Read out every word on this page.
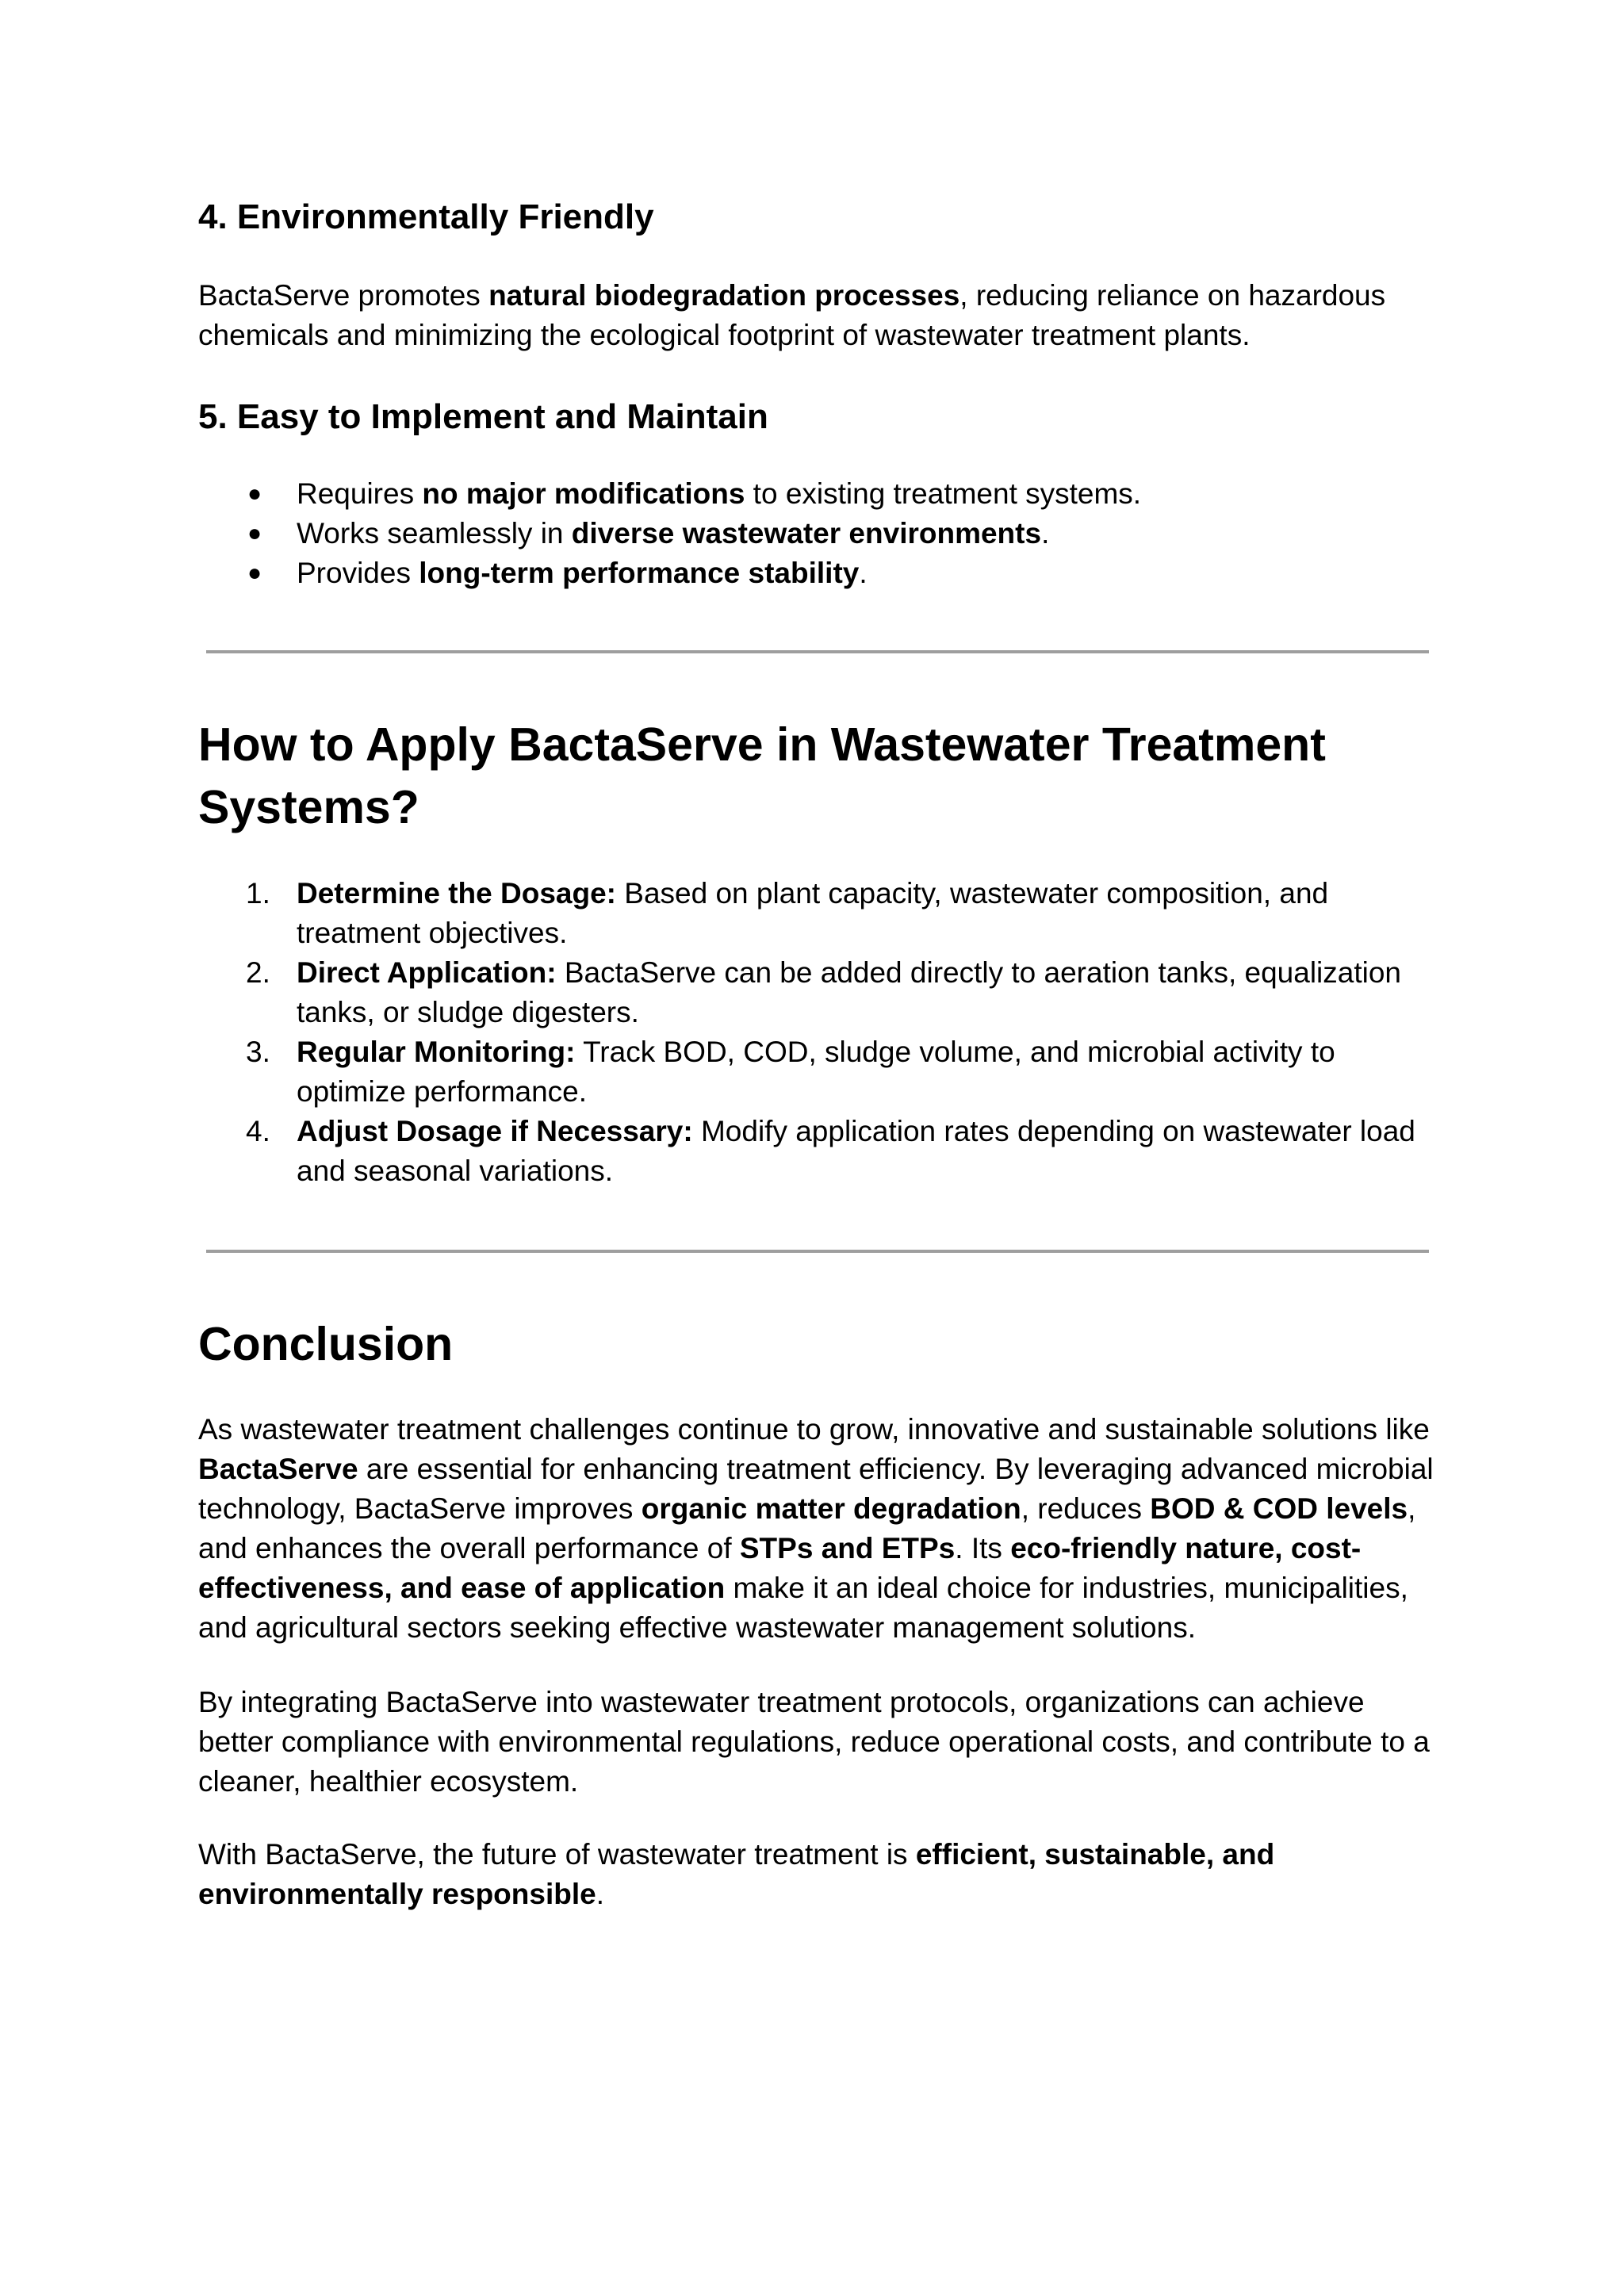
4. Environmentally Friendly

BactaServe promotes natural biodegradation processes, reducing reliance on hazardous chemicals and minimizing the ecological footprint of wastewater treatment plants.

5. Easy to Implement and Maintain
● Requires no major modifications to existing treatment systems.
● Works seamlessly in diverse wastewater environments.
● Provides long-term performance stability.
How to Apply BactaServe in Wastewater Treatment Systems?
1. Determine the Dosage: Based on plant capacity, wastewater composition, and treatment objectives.
2. Direct Application: BactaServe can be added directly to aeration tanks, equalization tanks, or sludge digesters.
3. Regular Monitoring: Track BOD, COD, sludge volume, and microbial activity to optimize performance.
4. Adjust Dosage if Necessary: Modify application rates depending on wastewater load and seasonal variations.
Conclusion

As wastewater treatment challenges continue to grow, innovative and sustainable solutions like BactaServe are essential for enhancing treatment efficiency. By leveraging advanced microbial technology, BactaServe improves organic matter degradation, reduces BOD & COD levels, and enhances the overall performance of STPs and ETPs. Its eco-friendly nature, cost-effectiveness, and ease of application make it an ideal choice for industries, municipalities, and agricultural sectors seeking effective wastewater management solutions.

By integrating BactaServe into wastewater treatment protocols, organizations can achieve better compliance with environmental regulations, reduce operational costs, and contribute to a cleaner, healthier ecosystem.

With BactaServe, the future of wastewater treatment is efficient, sustainable, and environmentally responsible.
